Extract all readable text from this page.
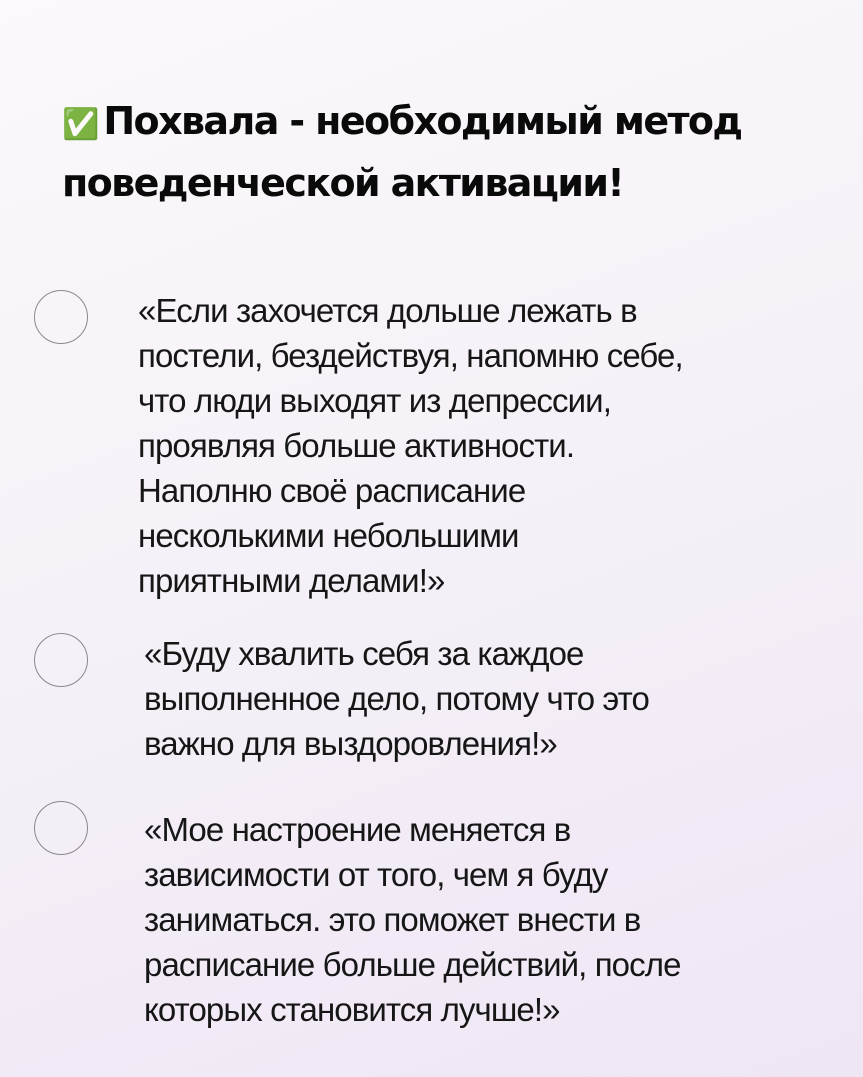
✅ Похвала - необходимый метод поведенческой активации!

«Если захочется дольше лежать в
постели, бездействуя, напомню себе,
что люди выходят из депрессии,
проявляя больше активности.
Наполню своё расписание
несколькими небольшими
приятными делами!»

«Буду хвалить себя за каждое
выполненное дело, потому что это
важно для выздоровления!»

«Мое настроение меняется в
зависимости от того, чем я буду
заниматься. это поможет внести в
расписание больше действий, после
которых становится лучше!»
